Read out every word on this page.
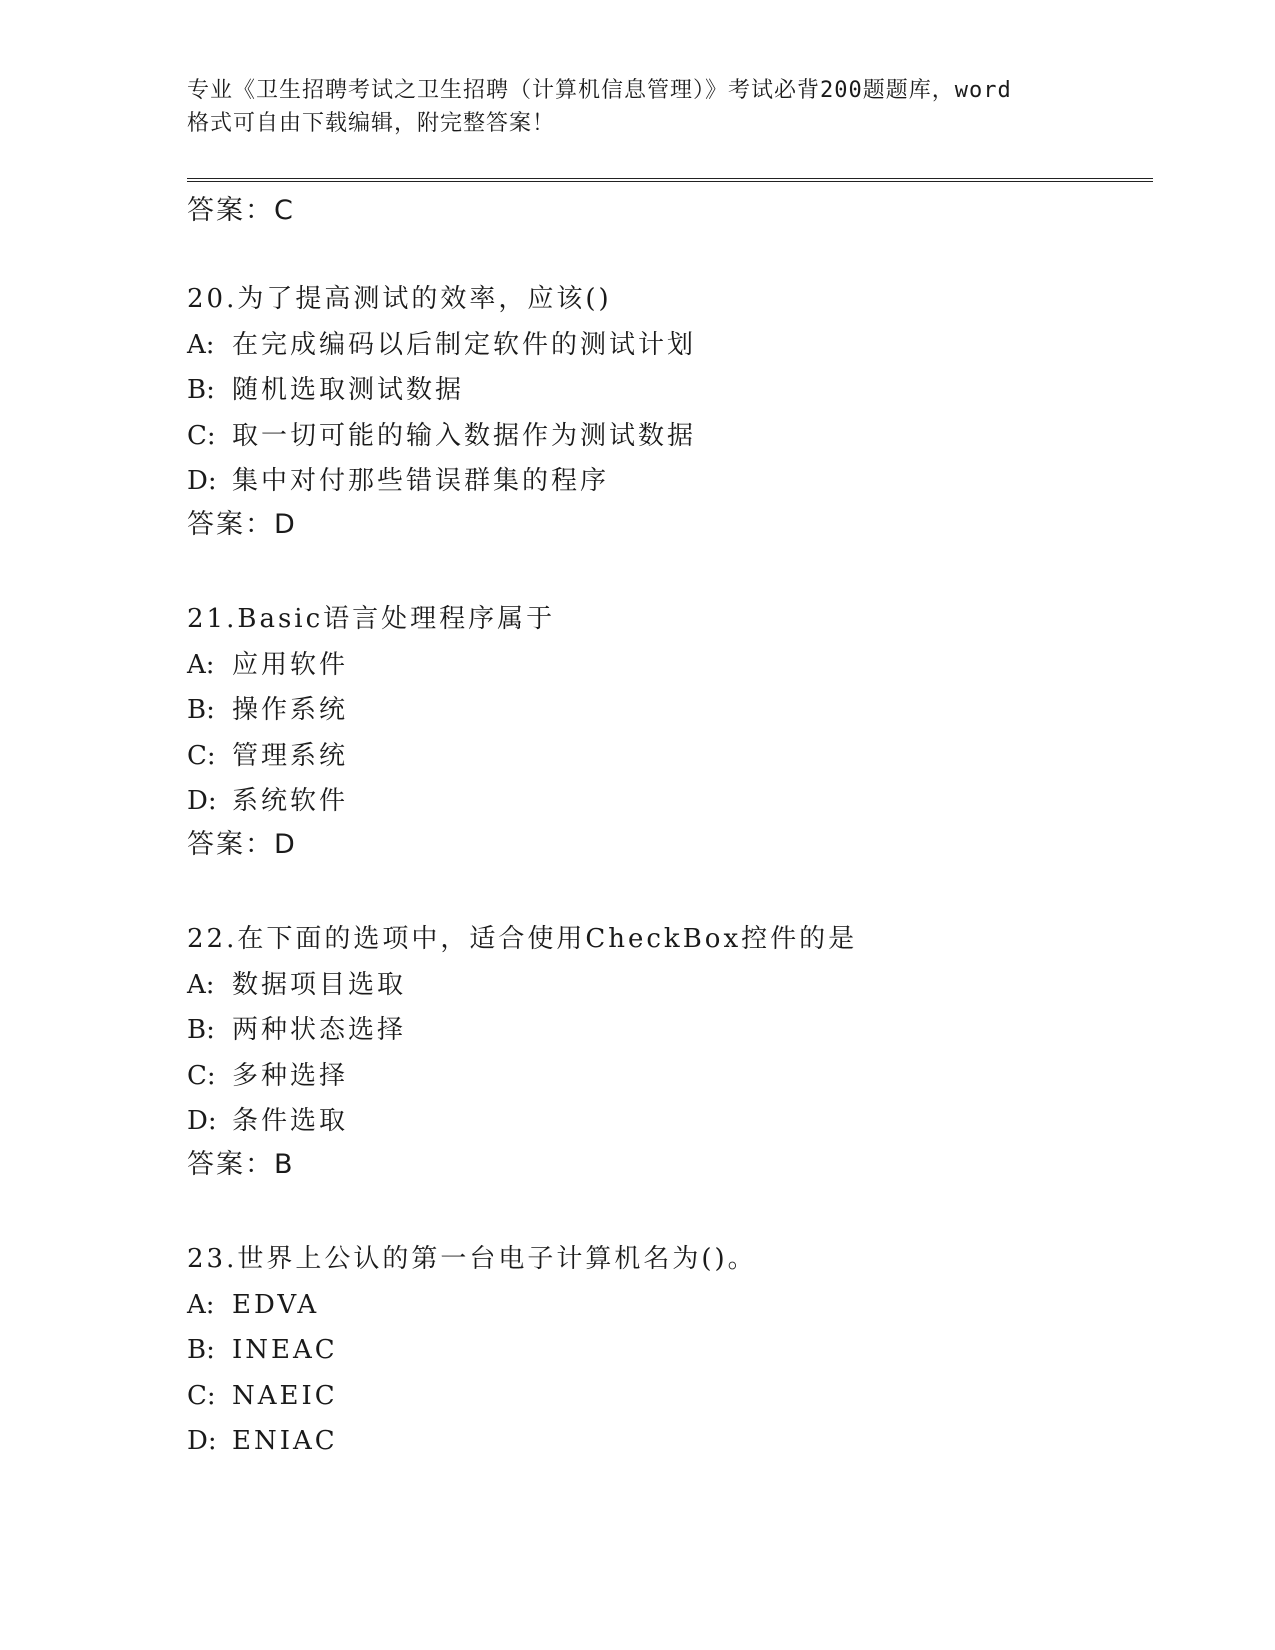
专业《卫生招聘考试之卫生招聘（计算机信息管理）》考试必背200题题库，word
格式可自由下载编辑，附完整答案！
答案：C
20.为了提高测试的效率，应该()
A: 在完成编码以后制定软件的测试计划
B: 随机选取测试数据
C: 取一切可能的输入数据作为测试数据
D: 集中对付那些错误群集的程序
答案：D
21.Basic语言处理程序属于
A: 应用软件
B: 操作系统
C: 管理系统
D: 系统软件
答案：D
22.在下面的选项中，适合使用CheckBox控件的是
A: 数据项目选取
B: 两种状态选择
C: 多种选择
D: 条件选取
答案：B
23.世界上公认的第一台电子计算机名为()。
A: EDVA
B: INEAC
C: NAEIC
D: ENIAC
